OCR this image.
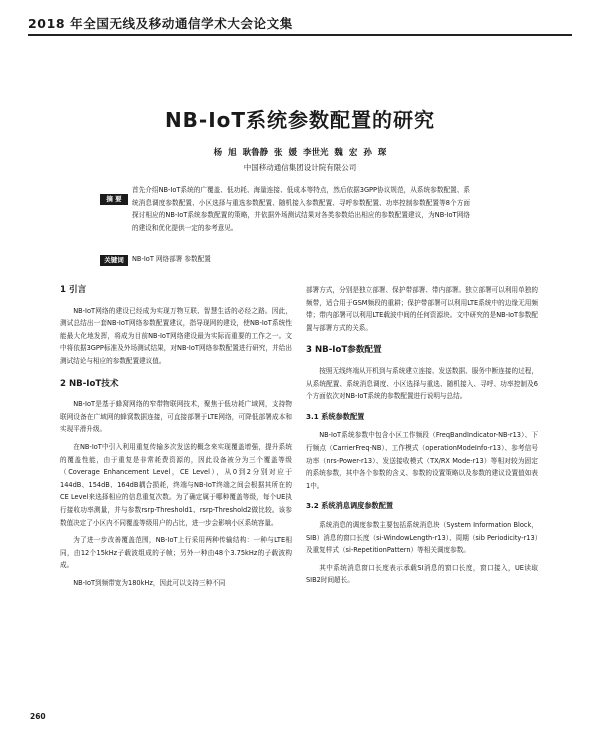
2018 年全国无线及移动通信学术大会论文集
NB-IoT系统参数配置的研究
杨 旭 耿鲁静 张 媛 李世光 魏 宏 孙 琛
中国移动通信集团设计院有限公司
摘 要
首先介绍NB-IoT系统的广覆盖、低功耗、海量连接、低成本等特点，然后依据3GPP协议规范，从系统参数配置、系统消息调度参数配置、小区选择与重选参数配置、随机接入参数配置、寻呼参数配置、功率控制参数配置等8个方面探讨相应的NB-IoT系统参数配置的策略，并依据外场测试结果对各类参数给出相应的参数配置建议，为NB-IoT网络的建设和优化提供一定的参考意见。
关键词	NB-IoT 网络部署 参数配置
1 引言

NB-IoT网络的建设已经成为实现万物互联、智慧生活的必经之路。因此，测试总结出一套NB-IoT网络参数配置建议，指导现网的建设，使NB-IoT系统性能最大化地发挥，将成为目前NB-IoT网络建设最为实际而重要的工作之一。文中将依据3GPP标准及外场测试结果，对NB-IoT网络参数配置进行研究，并给出测试结论与相应的参数配置建议值。

2 NB-IoT技术

NB-IoT是基于蜂窝网络的窄带物联网技术，聚焦于低功耗广域网，支持物联网设备在广域网的蜂窝数据连接，可直接部署于LTE网络，可降低部署成本和实现平滑升级。

在NB-IoT中引入利用重复传输多次发送的概念来实现覆盖增强，提升系统的覆盖性能，由于重复是非常耗费资源的，因此设备被分为三个覆盖等级（Coverage Enhancement Level，CE Level），从0到2分别对应于144dB、154dB、164dB耦合损耗，终端与NB-IoT终端之间会根据其所在的CE Level来选择相应的信息重复次数。为了确定属于哪种覆盖等级，每个UE执行接收功率测量，并与参数rsrp-Threshold1、rsrp-Threshold2做比较。该参数值决定了小区内不同覆盖等级用户的占比，进一步会影响小区系统容量。

为了进一步改善覆盖范围，NB-IoT上行采用两种传输结构：一种与LTE相同，由12个15kHz子载波组成的子帧；另外一种由48个3.75kHz的子载波构成。

NB-IoT到频带宽为180kHz，因此可以支持三种不同

部署方式，分别是独立部署、保护带部署、带内部署。独立部署可以利用单独的频带，适合用于GSM频段的重耕；保护带部署可以利用LTE系统中的边缘无用频带；带内部署可以利用LTE载波中间的任何资源块。文中研究的是NB-IoT参数配置与部署方式的关系。

3 NB-IoT参数配置

按照无线终端从开机到与系统建立连接、发送数据、服务中断连接的过程，从系统配置、系统消息调度、小区选择与重选、随机接入、寻呼、功率控制及6个方面依次对NB-IoT系统的参数配置进行说明与总结。

3.1 系统参数配置

NB-IoT系统参数中包含小区工作频段（FreqBandIndicator-NB-r13）、下行频点（CarrierFreq-NB）、工作模式（operationModeInfo-r13）、参考信号功率（nrs-Power-r13）、发送接收模式（TX/RX Mode-r13）等相对较为固定的系统参数，其中各个参数的含义、参数的设置策略以及参数的建议设置值如表1中。

3.2 系统消息调度参数配置

系统消息的调度参数主要包括系统消息块（System Information Block，SIB）消息的窗口长度（si-WindowLength-r13）、周期（sib Periodicity-r13）及重复样式（si-RepetitionPattern）等相关调度参数。

其中系统消息窗口长度表示承载SI消息的窗口长度，窗口接入，UE读取SIB2时间超长。

260
